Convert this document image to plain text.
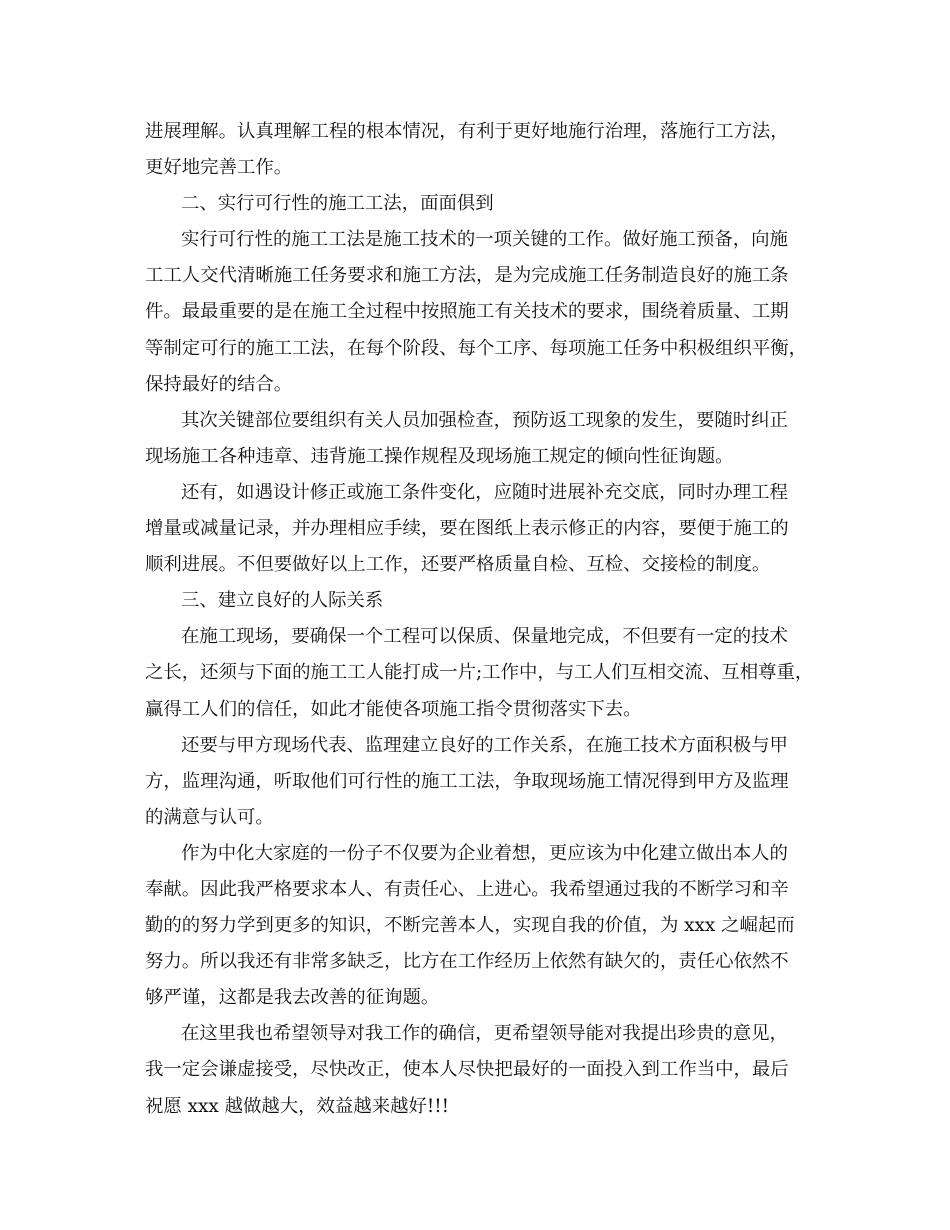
进展理解。认真理解工程的根本情况，有利于更好地施行治理，落施行工方法，
更好地完善工作。
二、实行可行性的施工工法，面面俱到
实行可行性的施工工法是施工技术的一项关键的工作。做好施工预备，向施
工工人交代清晰施工任务要求和施工方法，是为完成施工任务制造良好的施工条
件。最最重要的是在施工全过程中按照施工有关技术的要求，围绕着质量、工期
等制定可行的施工工法，在每个阶段、每个工序、每项施工任务中积极组织平衡，
保持最好的结合。
其次关键部位要组织有关人员加强检查，预防返工现象的发生，要随时纠正
现场施工各种违章、违背施工操作规程及现场施工规定的倾向性征询题。
还有，如遇设计修正或施工条件变化，应随时进展补充交底，同时办理工程
增量或减量记录，并办理相应手续，要在图纸上表示修正的内容，要便于施工的
顺利进展。不但要做好以上工作，还要严格质量自检、互检、交接检的制度。
三、建立良好的人际关系
在施工现场，要确保一个工程可以保质、保量地完成，不但要有一定的技术
之长，还须与下面的施工工人能打成一片;工作中，与工人们互相交流、互相尊重，
赢得工人们的信任，如此才能使各项施工指令贯彻落实下去。
还要与甲方现场代表、监理建立良好的工作关系，在施工技术方面积极与甲
方，监理沟通，听取他们可行性的施工工法，争取现场施工情况得到甲方及监理
的满意与认可。
作为中化大家庭的一份子不仅要为企业着想，更应该为中化建立做出本人的
奉献。因此我严格要求本人、有责任心、上进心。我希望通过我的不断学习和辛
勤的的努力学到更多的知识，不断完善本人，实现自我的价值，为 xxx 之崛起而
努力。所以我还有非常多缺乏，比方在工作经历上依然有缺欠的，责任心依然不
够严谨，这都是我去改善的征询题。
在这里我也希望领导对我工作的确信，更希望领导能对我提出珍贵的意见，
我一定会谦虚接受，尽快改正，使本人尽快把最好的一面投入到工作当中，最后
祝愿 xxx 越做越大，效益越来越好!!!
